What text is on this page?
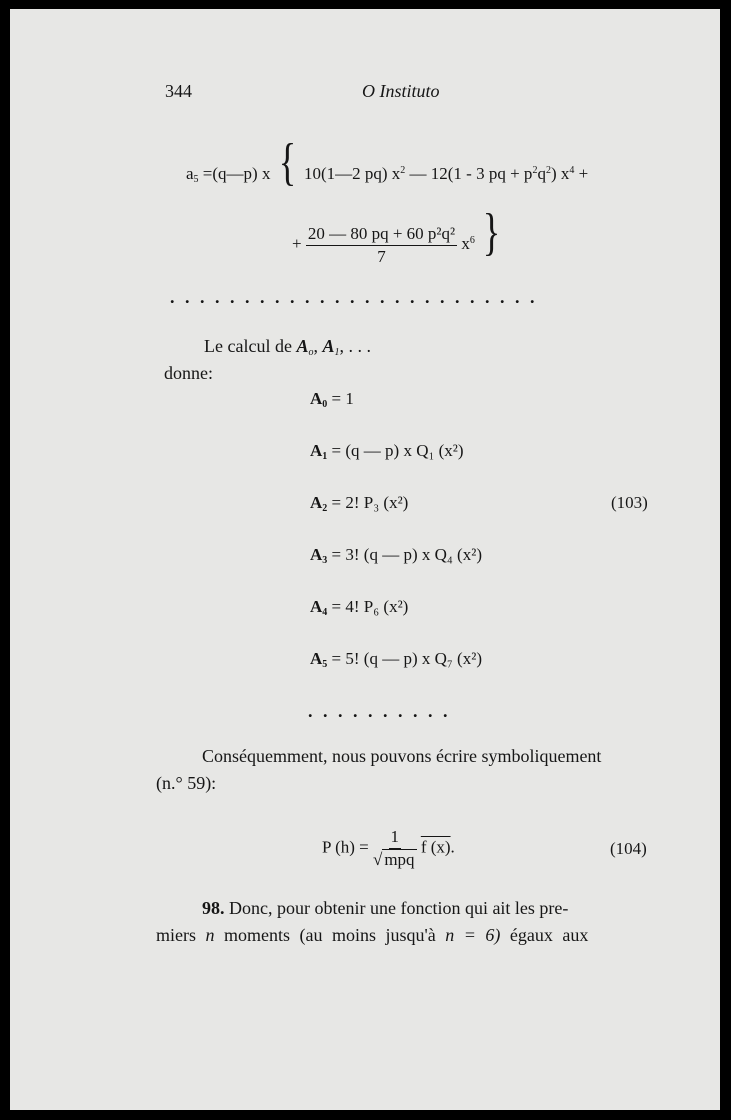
344	O Instituto
$a_5$ =(q—p) x { 10(1—2 pq) $x^2$ — 12(1 - 3 pq + $p^2q^2$) $x^4$ +
+ $\frac{\text{20 — 80 pq + 60 p²q²}}{7} x^6$ }
. . . . . . . . . . . . . . . . . . . . . . . . .
Le calcul de $A_o$, $A_1$, . . .
donne:
$A_0 = 1$
$A_1 = (q$ — p) x Q₁ (x²)
$A_2 = 2$! P₃ (x²)	(103)
$A_3 = 3$! (q — p) x Q₄ (x²)
$A_4 = 4$! P₆ (x²)
$A_5 = 5$! (q — p) x Q₇ (x²)
. . . . . . . . . .
Conséquemment, nous pouvons écrire symboliquement
(n.° 59):
P $(h) = \frac{1}{\text{√ mpq}}$ f (x).	(104)
98. Donc, pour obtenir une fonction qui ait les pre-
miers n moments (au moins jusqu'à n = 6) égaux aux
